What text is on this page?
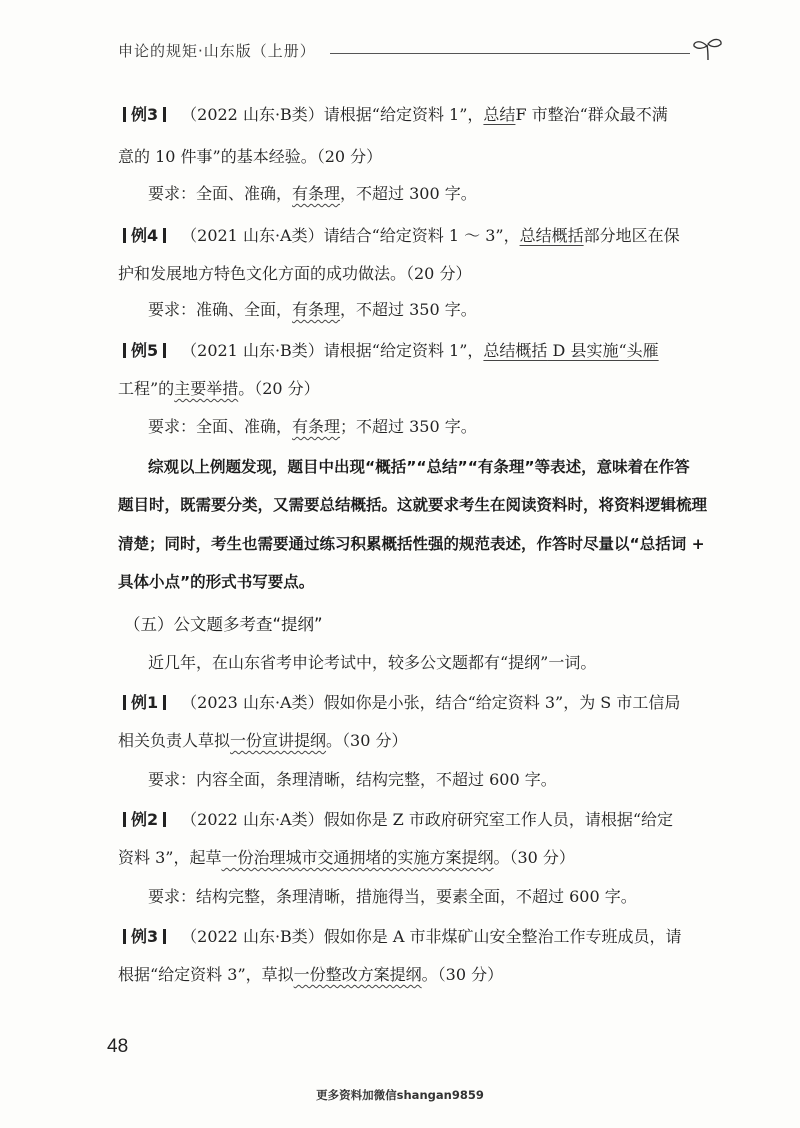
申论的规矩·山东版（上册）
例3 （2022 山东·B类）请根据“给定资料 1”，总结F 市整治“群众最不满
意的 10 件事”的基本经验。（20 分）
要求：全面、准确，有条理，不超过 300 字。
例4 （2021 山东·A类）请结合“给定资料 1 ～ 3”，总结概括部分地区在保
护和发展地方特色文化方面的成功做法。（20 分）
要求：准确、全面，有条理，不超过 350 字。
例5 （2021 山东·B类）请根据“给定资料 1”，总结概括 D 县实施“头雁
工程”的主要举措。（20 分）
要求：全面、准确，有条理；不超过 350 字。
综观以上例题发现，题目中出现“概括”“总结”“有条理”等表述，意味着在作答
题目时，既需要分类，又需要总结概括。这就要求考生在阅读资料时，将资料逻辑梳理
清楚；同时，考生也需要通过练习积累概括性强的规范表述，作答时尽量以“总括词 +
具体小点”的形式书写要点。
（五）公文题多考查“提纲”
近几年，在山东省考申论考试中，较多公文题都有“提纲”一词。
例1 （2023 山东·A类）假如你是小张，结合“给定资料 3”，为 S 市工信局
相关负责人草拟一份宣讲提纲。（30 分）
要求：内容全面，条理清晰，结构完整，不超过 600 字。
例2 （2022 山东·A类）假如你是 Z 市政府研究室工作人员，请根据“给定
资料 3”，起草一份治理城市交通拥堵的实施方案提纲。（30 分）
要求：结构完整，条理清晰，措施得当，要素全面，不超过 600 字。
例3 （2022 山东·B类）假如你是 A 市非煤矿山安全整治工作专班成员，请
根据“给定资料 3”，草拟一份整改方案提纲。（30 分）
48
更多资料加微信shangan9859
